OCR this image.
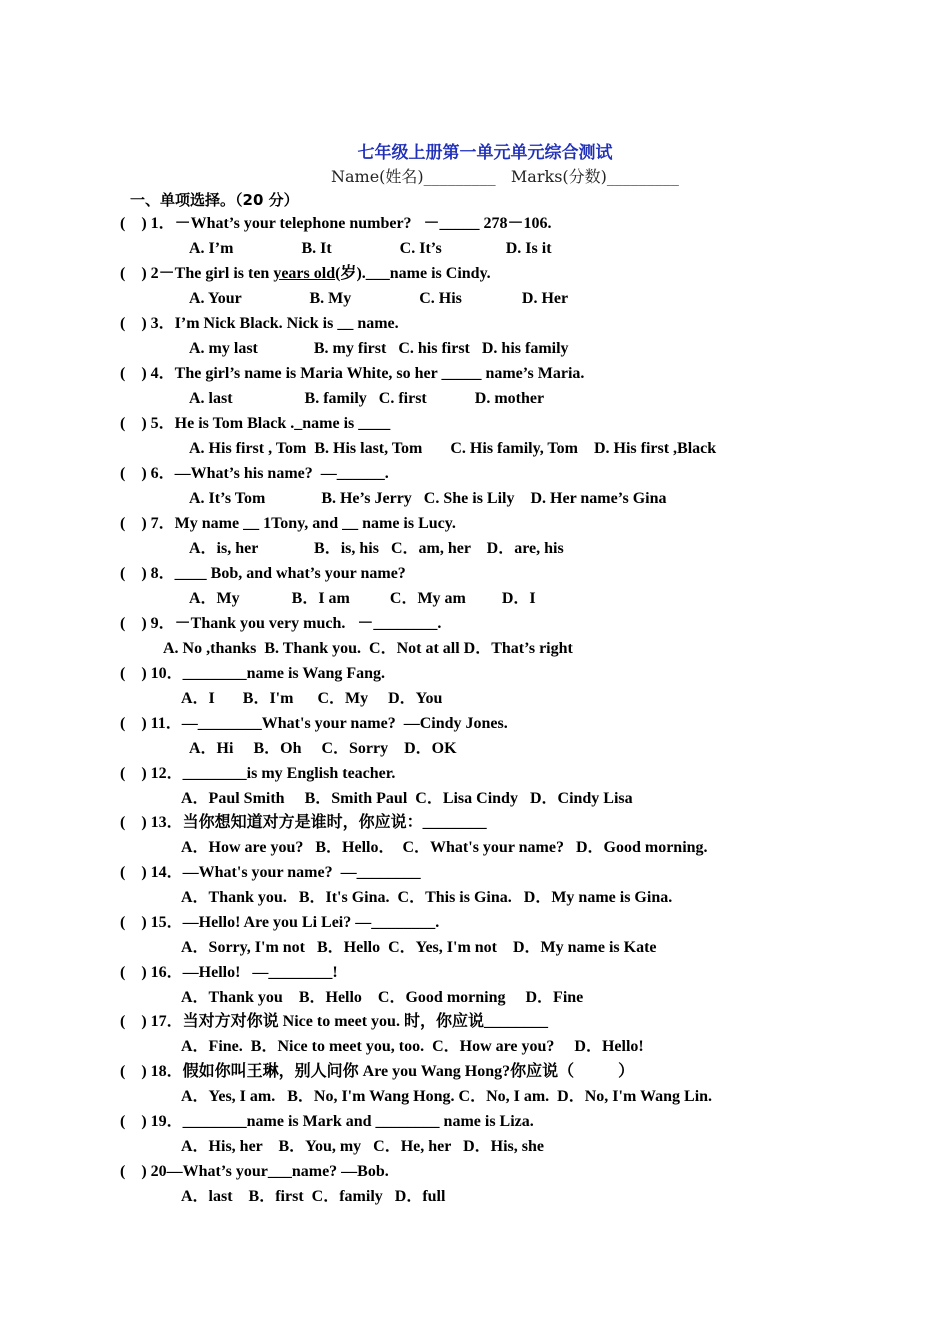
七年级上册第一单元单元综合测试
Name(姓名)_________   Marks(分数)_________
一、单项选择。（20 分）
(    ) 1．－What’s your telephone number?   －_____ 278－106.
A. I’m                 B. It                 C. It’s                D. Is it
(    ) 2－The girl is ten years old(岁).___name is Cindy.
A. Your                 B. My                 C. His               D. Her
(    ) 3．I’m Nick Black. Nick is __ name.
A. my last              B. my first   C. his first   D. his family
(    ) 4．The girl’s name is Maria White, so her _____ name’s Maria.
A. last                  B. family   C. first            D. mother
(    ) 5．He is Tom Black ._name is ____
A. His first , Tom  B. His last, Tom       C. His family, Tom    D. His first ,Black
(    ) 6．—What’s his name?  —______.
A. It’s Tom              B. He’s Jerry   C. She is Lily    D. Her name’s Gina
(    ) 7．My name __ 1Tony, and __ name is Lucy.
A．is, her              B．is, his   C．am, her    D．are, his
(    ) 8．____ Bob, and what’s your name?
A．My             B．I am          C．My am         D．I
(    ) 9．－Thank you very much.   －________.
A. No ,thanks  B. Thank you.  C．Not at all D．That’s right
(    ) 10．________name is Wang Fang.
A．I       B．I'm      C．My     D．You
(    ) 11．—________What's your name?  —Cindy Jones.
A．Hi     B．Oh     C．Sorry    D．OK
(    ) 12．________is my English teacher.
A．Paul Smith     B．Smith Paul  C．Lisa Cindy   D．Cindy Lisa
(    ) 13．当你想知道对方是谁时，你应说：________
A．How are you?   B．Hello．  C．What's your name?   D．Good morning.
(    ) 14．—What's your name?  —________
A．Thank you.   B．It's Gina.  C．This is Gina.   D．My name is Gina.
(    ) 15．—Hello! Are you Li Lei? —________.
A．Sorry, I'm not   B．Hello  C．Yes, I'm not    D．My name is Kate
(    ) 16．—Hello!   —________!
A．Thank you    B．Hello    C．Good morning     D．Fine
(    ) 17．当对方对你说 Nice to meet you. 时，你应说________
A．Fine.  B．Nice to meet you, too.  C．How are you?     D．Hello!
(    ) 18．假如你叫王琳，别人问你 Are you Wang Hong?你应说（           ）
A．Yes, I am.   B．No, I'm Wang Hong. C．No, I am.  D．No, I'm Wang Lin.
(    ) 19．________name is Mark and ________ name is Liza.
A．His, her    B．You, my   C．He, her   D．His, she
(    ) 20—What’s your___name? —Bob.
A．last    B．first  C．family   D．full
